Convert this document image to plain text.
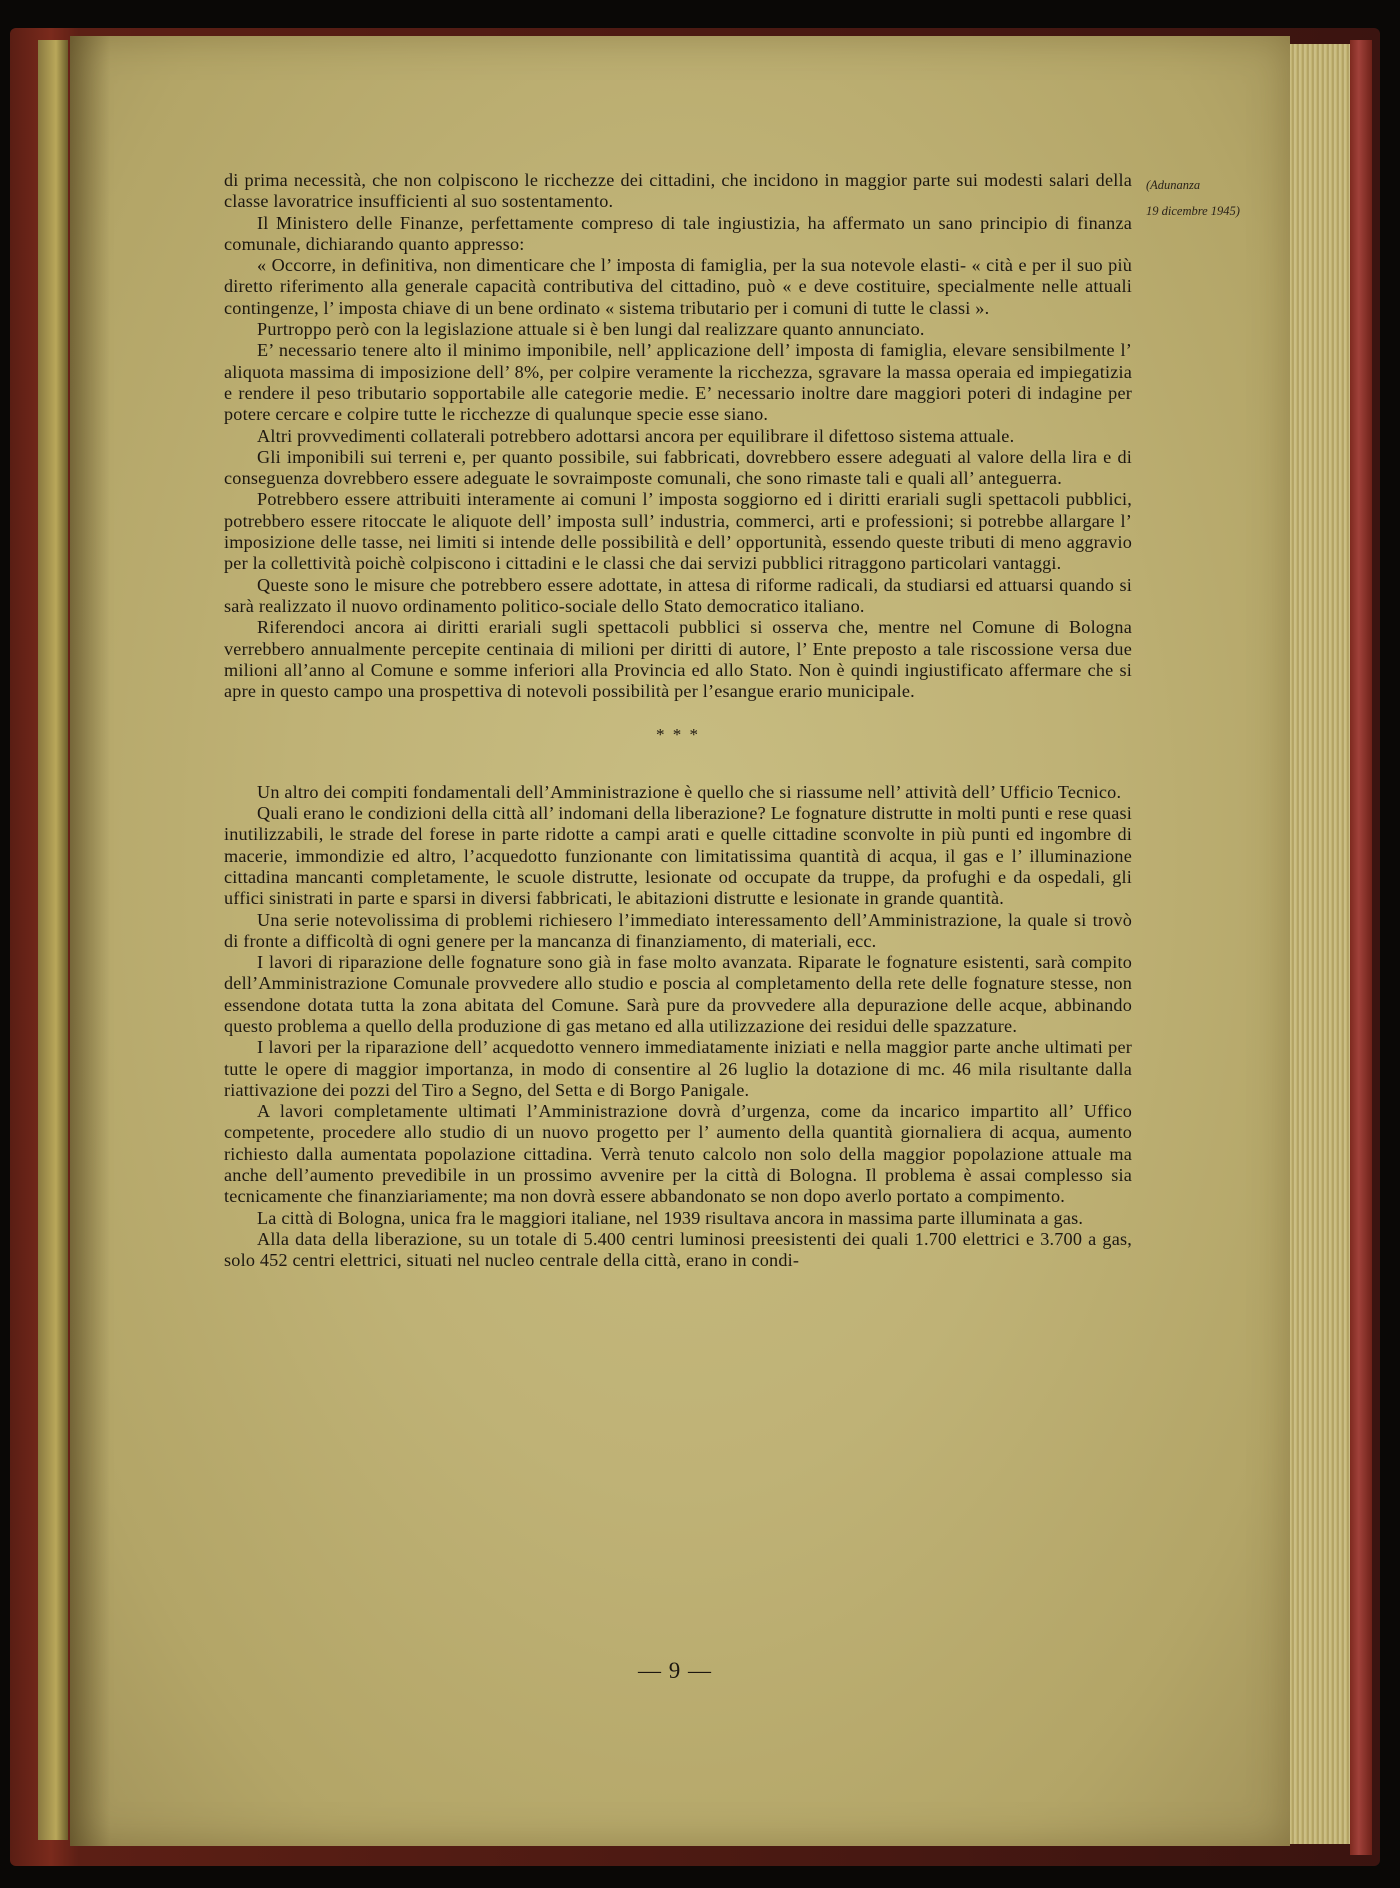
(Adunanza
19 dicembre 1945)

di prima necessità, che non colpiscono le ricchezze dei cittadini, che incidono in maggior parte sui modesti salari della classe lavoratrice insufficienti al suo sostentamento.

Il Ministero delle Finanze, perfettamente compreso di tale ingiustizia, ha affermato un sano principio di finanza comunale, dichiarando quanto appresso:

« Occorre, in definitiva, non dimenticare che l’ imposta di famiglia, per la sua notevole elasti- « cità e per il suo più diretto riferimento alla generale capacità contributiva del cittadino, può « e deve costituire, specialmente nelle attuali contingenze, l’ imposta chiave di un bene ordinato « sistema tributario per i comuni di tutte le classi ».

Purtroppo però con la legislazione attuale si è ben lungi dal realizzare quanto annunciato.

E’ necessario tenere alto il minimo imponibile, nell’ applicazione dell’ imposta di famiglia, elevare sensibilmente l’ aliquota massima di imposizione dell’ 8%, per colpire veramente la ricchezza, sgravare la massa operaia ed impiegatizia e rendere il peso tributario sopportabile alle categorie medie. E’ necessario inoltre dare maggiori poteri di indagine per potere cercare e colpire tutte le ricchezze di qualunque specie esse siano.

Altri provvedimenti collaterali potrebbero adottarsi ancora per equilibrare il difettoso sistema attuale.

Gli imponibili sui terreni e, per quanto possibile, sui fabbricati, dovrebbero essere adeguati al valore della lira e di conseguenza dovrebbero essere adeguate le sovraimposte comunali, che sono rimaste tali e quali all’ anteguerra.

Potrebbero essere attribuiti interamente ai comuni l’ imposta soggiorno ed i diritti erariali sugli spettacoli pubblici, potrebbero essere ritoccate le aliquote dell’ imposta sull’ industria, commerci, arti e professioni; si potrebbe allargare l’ imposizione delle tasse, nei limiti si intende delle possibilità e dell’ opportunità, essendo queste tributi di meno aggravio per la collettività poichè colpiscono i cittadini e le classi che dai servizi pubblici ritraggono particolari vantaggi.

Queste sono le misure che potrebbero essere adottate, in attesa di riforme radicali, da studiarsi ed attuarsi quando si sarà realizzato il nuovo ordinamento politico-sociale dello Stato democratico italiano.

Riferendoci ancora ai diritti erariali sugli spettacoli pubblici si osserva che, mentre nel Comune di Bologna verrebbero annualmente percepite centinaia di milioni per diritti di autore, l’ Ente preposto a tale riscossione versa due milioni all’anno al Comune e somme inferiori alla Provincia ed allo Stato. Non è quindi ingiustificato affermare che si apre in questo campo una prospettiva di notevoli possibilità per l’esangue erario municipale.

* * *

Un altro dei compiti fondamentali dell’Amministrazione è quello che si riassume nell’ attività dell’ Ufficio Tecnico.

Quali erano le condizioni della città all’ indomani della liberazione? Le fognature distrutte in molti punti e rese quasi inutilizzabili, le strade del forese in parte ridotte a campi arati e quelle cittadine sconvolte in più punti ed ingombre di macerie, immondizie ed altro, l’acquedotto funzionante con limitatissima quantità di acqua, il gas e l’ illuminazione cittadina mancanti completamente, le scuole distrutte, lesionate od occupate da truppe, da profughi e da ospedali, gli uffici sinistrati in parte e sparsi in diversi fabbricati, le abitazioni distrutte e lesionate in grande quantità.

Una serie notevolissima di problemi richiesero l’immediato interessamento dell’Amministrazione, la quale si trovò di fronte a difficoltà di ogni genere per la mancanza di finanziamento, di materiali, ecc.

I lavori di riparazione delle fognature sono già in fase molto avanzata. Riparate le fognature esistenti, sarà compito dell’Amministrazione Comunale provvedere allo studio e poscia al completamento della rete delle fognature stesse, non essendone dotata tutta la zona abitata del Comune. Sarà pure da provvedere alla depurazione delle acque, abbinando questo problema a quello della produzione di gas metano ed alla utilizzazione dei residui delle spazzature.

I lavori per la riparazione dell’ acquedotto vennero immediatamente iniziati e nella maggior parte anche ultimati per tutte le opere di maggior importanza, in modo di consentire al 26 luglio la dotazione di mc. 46 mila risultante dalla riattivazione dei pozzi del Tiro a Segno, del Setta e di Borgo Panigale.

A lavori completamente ultimati l’Amministrazione dovrà d’urgenza, come da incarico impartito all’ Uffico competente, procedere allo studio di un nuovo progetto per l’ aumento della quantità giornaliera di acqua, aumento richiesto dalla aumentata popolazione cittadina. Verrà tenuto calcolo non solo della maggior popolazione attuale ma anche dell’aumento prevedibile in un prossimo avvenire per la città di Bologna. Il problema è assai complesso sia tecnicamente che finanziariamente; ma non dovrà essere abbandonato se non dopo averlo portato a compimento.

La città di Bologna, unica fra le maggiori italiane, nel 1939 risultava ancora in massima parte illuminata a gas.

Alla data della liberazione, su un totale di 5.400 centri luminosi preesistenti dei quali 1.700 elettrici e 3.700 a gas, solo 452 centri elettrici, situati nel nucleo centrale della città, erano in condi-

— 9 —
